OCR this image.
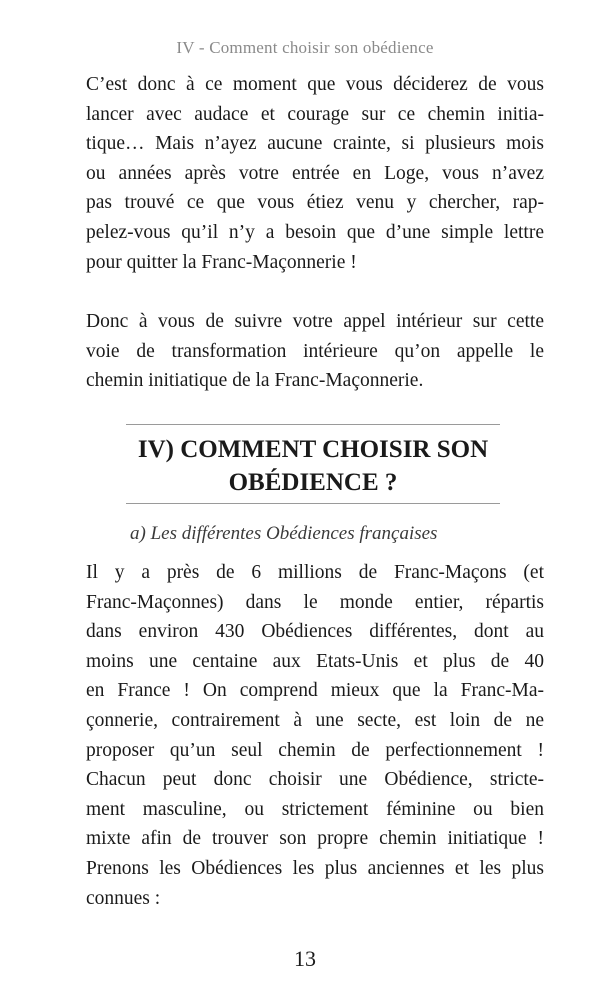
IV - Comment choisir son obédience

C’est donc à ce moment que vous déciderez de vous
lancer avec audace et courage sur ce chemin initia-
tique… Mais n’ayez aucune crainte, si plusieurs mois
ou années après votre entrée en Loge, vous n’avez
pas trouvé ce que vous étiez venu y chercher, rap-
pelez-vous qu’il n’y a besoin que d’une simple lettre
pour quitter la Franc-Maçonnerie !

Donc à vous de suivre votre appel intérieur sur cette
voie de transformation intérieure qu’on appelle le
chemin initiatique de la Franc-Maçonnerie.

IV) COMMENT CHOISIR SON
OBÉDIENCE ?
a) Les différentes Obédiences françaises

Il y a près de 6 millions de Franc-Maçons (et
Franc-Maçonnes) dans le monde entier, répartis
dans environ 430 Obédiences différentes, dont au
moins une centaine aux Etats-Unis et plus de 40
en France ! On comprend mieux que la Franc-Ma-
çonnerie, contrairement à une secte, est loin de ne
proposer qu’un seul chemin de perfectionnement !
Chacun peut donc choisir une Obédience, stricte-
ment masculine, ou strictement féminine ou bien
mixte afin de trouver son propre chemin initiatique !
Prenons les Obédiences les plus anciennes et les plus
connues :

13
